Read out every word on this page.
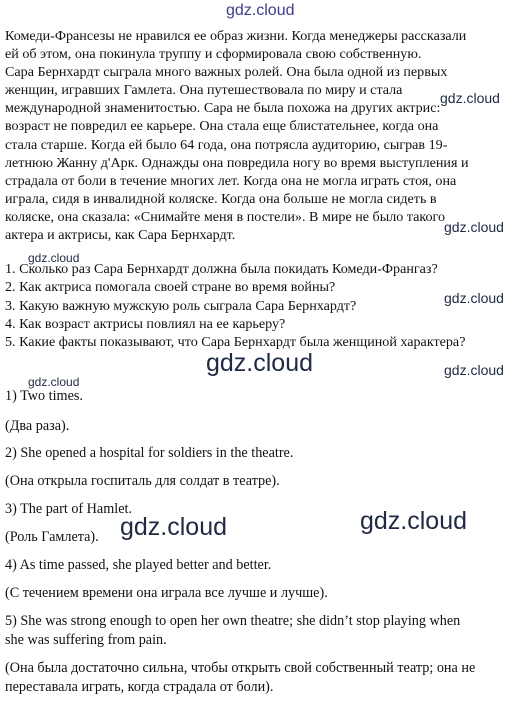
gdz.cloud
Комеди-Франсезы не нравился ее образ жизни. Когда менеджеры рассказали
ей об этом, она покинула труппу и сформировала свою собственную.
Сара Бернхардт сыграла много важных ролей. Она была одной из первых
женщин, игравших Гамлета. Она путешествовала по миру и стала
международной знаменитостью. Сара не была похожа на других актрис:
возраст не повредил ее карьере. Она стала еще блистательнее, когда она
стала старше. Когда ей было 64 года, она потрясла аудиторию, сыграв 19-
летнюю Жанну д'Арк. Однажды она повредила ногу во время выступления и
страдала от боли в течение многих лет. Когда она не могла играть стоя, она
играла, сидя в инвалидной коляске. Когда она больше не могла сидеть в
коляске, она сказала: «Снимайте меня в постели». В мире не было такого
актера и актрисы, как Сара Бернхардт.
gdz.cloud
gdz.cloud
gdz.cloud
gdz.cloud
1. Сколько раз Сара Бернхардт должна была покидать Комеди-Франгаз?
2. Как актриса помогала своей стране во время войны?
3. Какую важную мужскую роль сыграла Сара Бернхардт?
4. Как возраст актрисы повлиял на ее карьеру?
5. Какие факты показывают, что Сара Бернхардт была женщиной характера?
gdz.cloud	gdz.cloud
gdz.cloud
1) Two times.
(Два раза).
2) She opened a hospital for soldiers in the theatre.
(Она открыла госпиталь для солдат в театре).
3) The part of Hamlet.
(Роль Гамлета).
4) As time passed, she played better and better.
(С течением времени она играла все лучше и лучше).
5) She was strong enough to open her own theatre; she didn’t stop playing when
she was suffering from pain.
(Она была достаточно сильна, чтобы открыть свой собственный театр; она не
переставала играть, когда страдала от боли).
gdz.cloud	gdz.cloud
